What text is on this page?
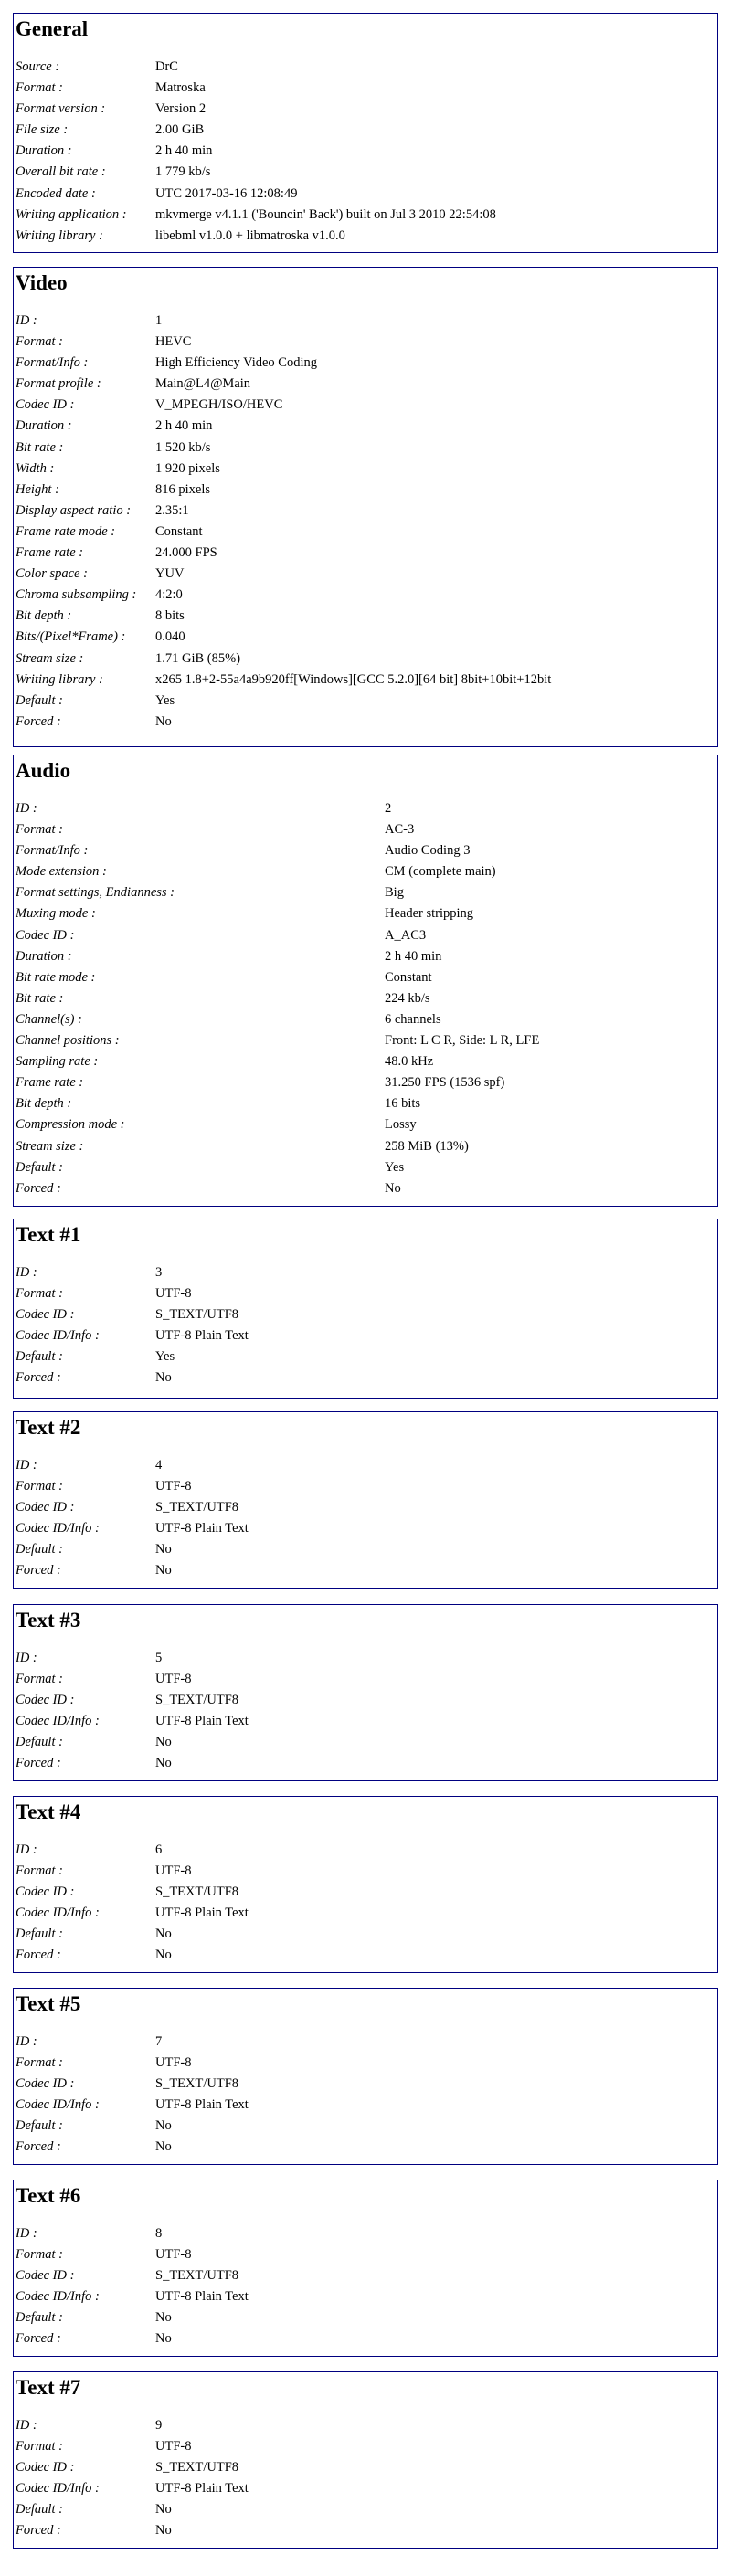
General
Source :	DrC
Format :	Matroska
Format version :	Version 2
File size :	2.00 GiB
Duration :	2 h 40 min
Overall bit rate :	1 779 kb/s
Encoded date :	UTC 2017-03-16 12:08:49
Writing application : mkvmerge v4.1.1 ('Bouncin' Back') built on Jul 3 2010 22:54:08
Writing library :	libebml v1.0.0 + libmatroska v1.0.0
Video
ID :	1
Format :	HEVC
Format/Info :	High Efficiency Video Coding
Format profile :	Main@L4@Main
Codec ID :	V_MPEGH/ISO/HEVC
Duration :	2 h 40 min
Bit rate :	1 520 kb/s
Width :	1 920 pixels
Height :	816 pixels
Display aspect ratio : 2.35:1
Frame rate mode :	Constant
Frame rate :	24.000 FPS
Color space :	YUV
Chroma subsampling : 4:2:0
Bit depth :	8 bits
Bits/(Pixel*Frame) : 0.040
Stream size :	1.71 GiB (85%)
Writing library :	x265 1.8+2-55a4a9b920ff[Windows][GCC 5.2.0][64 bit] 8bit+10bit+12bit
Default :	Yes
Forced :	No
Audio
ID :	2
Format :	AC-3
Format/Info :	Audio Coding 3
Mode extension :	CM (complete main)
Format settings, Endianness :	Big
Muxing mode :	Header stripping
Codec ID :	A_AC3
Duration :	2 h 40 min
Bit rate mode :	Constant
Bit rate :	224 kb/s
Channel(s) :	6 channels
Channel positions :	Front: L C R, Side: L R, LFE
Sampling rate :	48.0 kHz
Frame rate :	31.250 FPS (1536 spf)
Bit depth :	16 bits
Compression mode :	Lossy
Stream size :	258 MiB (13%)
Default :	Yes
Forced :	No
Text #1
ID :	3
Format :	UTF-8
Codec ID :	S_TEXT/UTF8
Codec ID/Info :	UTF-8 Plain Text
Default :	Yes
Forced :	No
Text #2
ID :	4
Format :	UTF-8
Codec ID :	S_TEXT/UTF8
Codec ID/Info :	UTF-8 Plain Text
Default :	No
Forced :	No
Text #3
ID :	5
Format :	UTF-8
Codec ID :	S_TEXT/UTF8
Codec ID/Info :	UTF-8 Plain Text
Default :	No
Forced :	No
Text #4
ID :	6
Format :	UTF-8
Codec ID :	S_TEXT/UTF8
Codec ID/Info :	UTF-8 Plain Text
Default :	No
Forced :	No
Text #5
ID :	7
Format :	UTF-8
Codec ID :	S_TEXT/UTF8
Codec ID/Info :	UTF-8 Plain Text
Default :	No
Forced :	No
Text #6
ID :	8
Format :	UTF-8
Codec ID :	S_TEXT/UTF8
Codec ID/Info :	UTF-8 Plain Text
Default :	No
Forced :	No
Text #7
ID :	9
Format :	UTF-8
Codec ID :	S_TEXT/UTF8
Codec ID/Info :	UTF-8 Plain Text
Default :	No
Forced :	No
